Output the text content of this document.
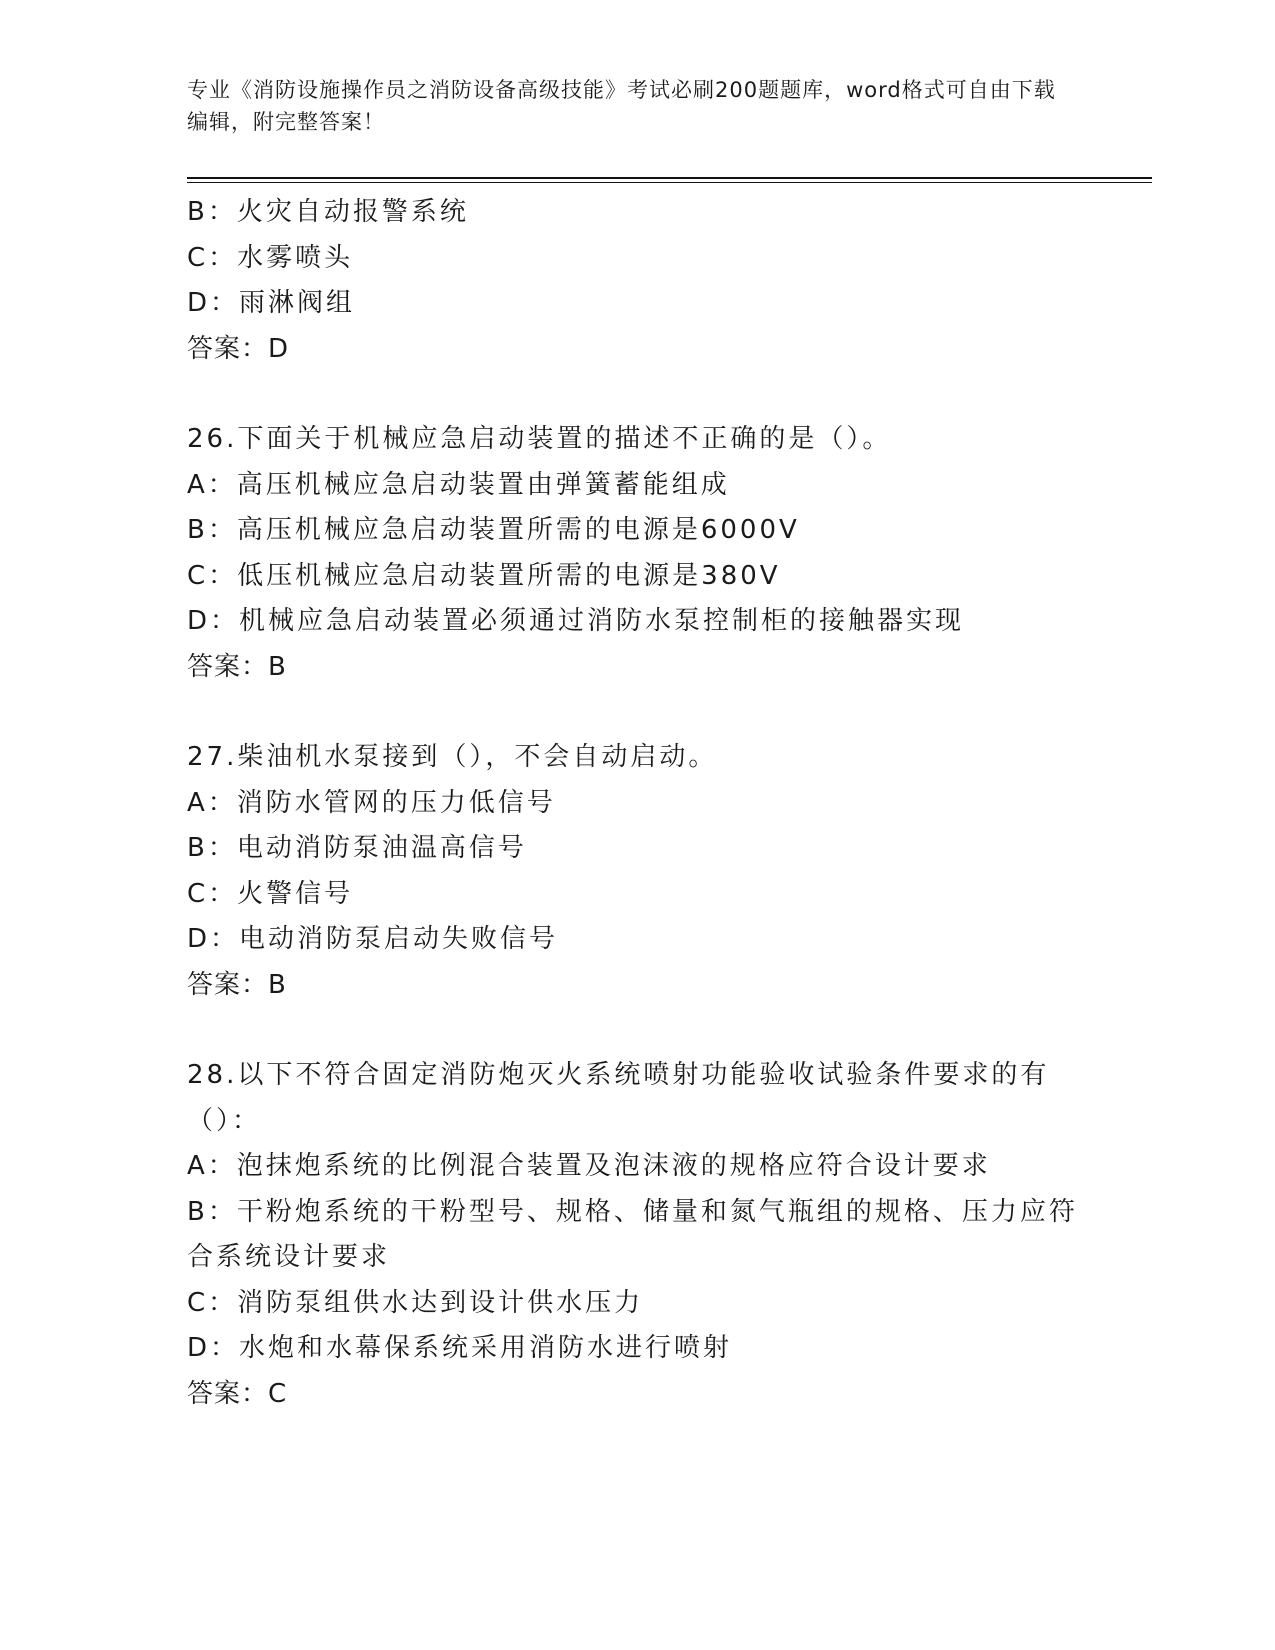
专业《消防设施操作员之消防设备高级技能》考试必刷200题题库，word格式可自由下载编辑，附完整答案！
B：火灾自动报警系统
C：水雾喷头
D：雨淋阀组
答案：D
26.下面关于机械应急启动装置的描述不正确的是（）。
A：高压机械应急启动装置由弹簧蓄能组成
B：高压机械应急启动装置所需的电源是6000V
C：低压机械应急启动装置所需的电源是380V
D：机械应急启动装置必须通过消防水泵控制柜的接触器实现
答案：B
27.柴油机水泵接到（），不会自动启动。
A：消防水管网的压力低信号
B：电动消防泵油温高信号
C：火警信号
D：电动消防泵启动失败信号
答案：B
28.以下不符合固定消防炮灭火系统喷射功能验收试验条件要求的有（）：
A：泡抹炮系统的比例混合装置及泡沫液的规格应符合设计要求
B：干粉炮系统的干粉型号、规格、储量和氮气瓶组的规格、压力应符合系统设计要求
C：消防泵组供水达到设计供水压力
D：水炮和水幕保系统采用消防水进行喷射
答案：C
